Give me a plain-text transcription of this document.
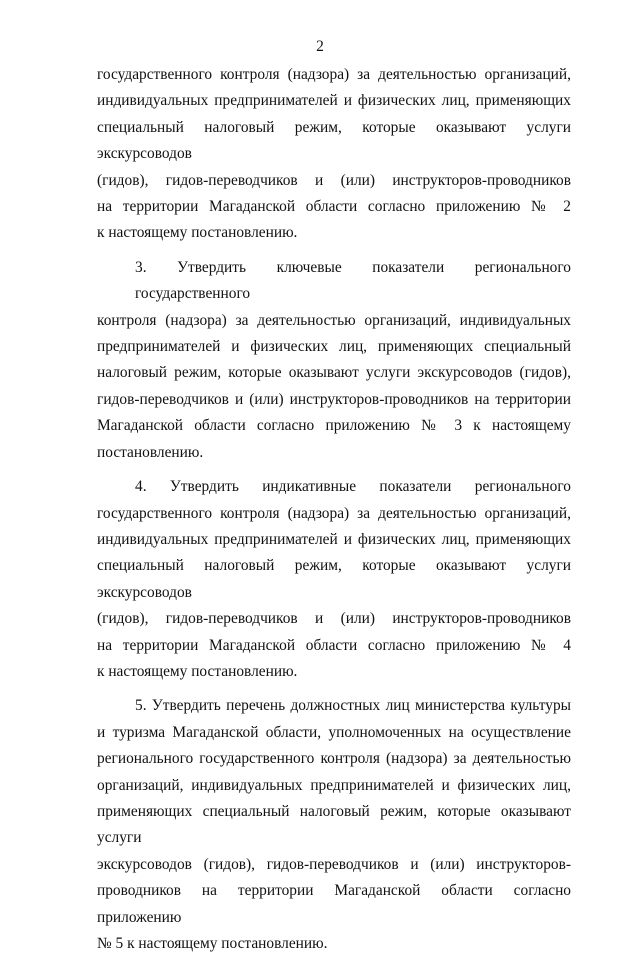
2
государственного контроля (надзора) за деятельностью организаций,
индивидуальных предпринимателей и физических лиц, применяющих
специальный налоговый режим, которые оказывают услуги экскурсоводов
(гидов), гидов-переводчиков и (или) инструкторов-проводников
на территории Магаданской области согласно приложению № 2
к настоящему постановлению.
3. Утвердить ключевые показатели регионального государственного
контроля (надзора) за деятельностью организаций, индивидуальных
предпринимателей и физических лиц, применяющих специальный
налоговый режим, которые оказывают услуги экскурсоводов (гидов),
гидов-переводчиков и (или) инструкторов-проводников на территории
Магаданской области согласно приложению № 3 к настоящему
постановлению.
4. Утвердить индикативные показатели регионального
государственного контроля (надзора) за деятельностью организаций,
индивидуальных предпринимателей и физических лиц, применяющих
специальный налоговый режим, которые оказывают услуги экскурсоводов
(гидов), гидов-переводчиков и (или) инструкторов-проводников
на территории Магаданской области согласно приложению № 4
к настоящему постановлению.
5. Утвердить перечень должностных лиц министерства культуры
и туризма Магаданской области, уполномоченных на осуществление
регионального государственного контроля (надзора) за деятельностью
организаций, индивидуальных предпринимателей и физических лиц,
применяющих специальный налоговый режим, которые оказывают услуги
экскурсоводов (гидов), гидов-переводчиков и (или) инструкторов-
проводников на территории Магаданской области согласно приложению
№ 5 к настоящему постановлению.
